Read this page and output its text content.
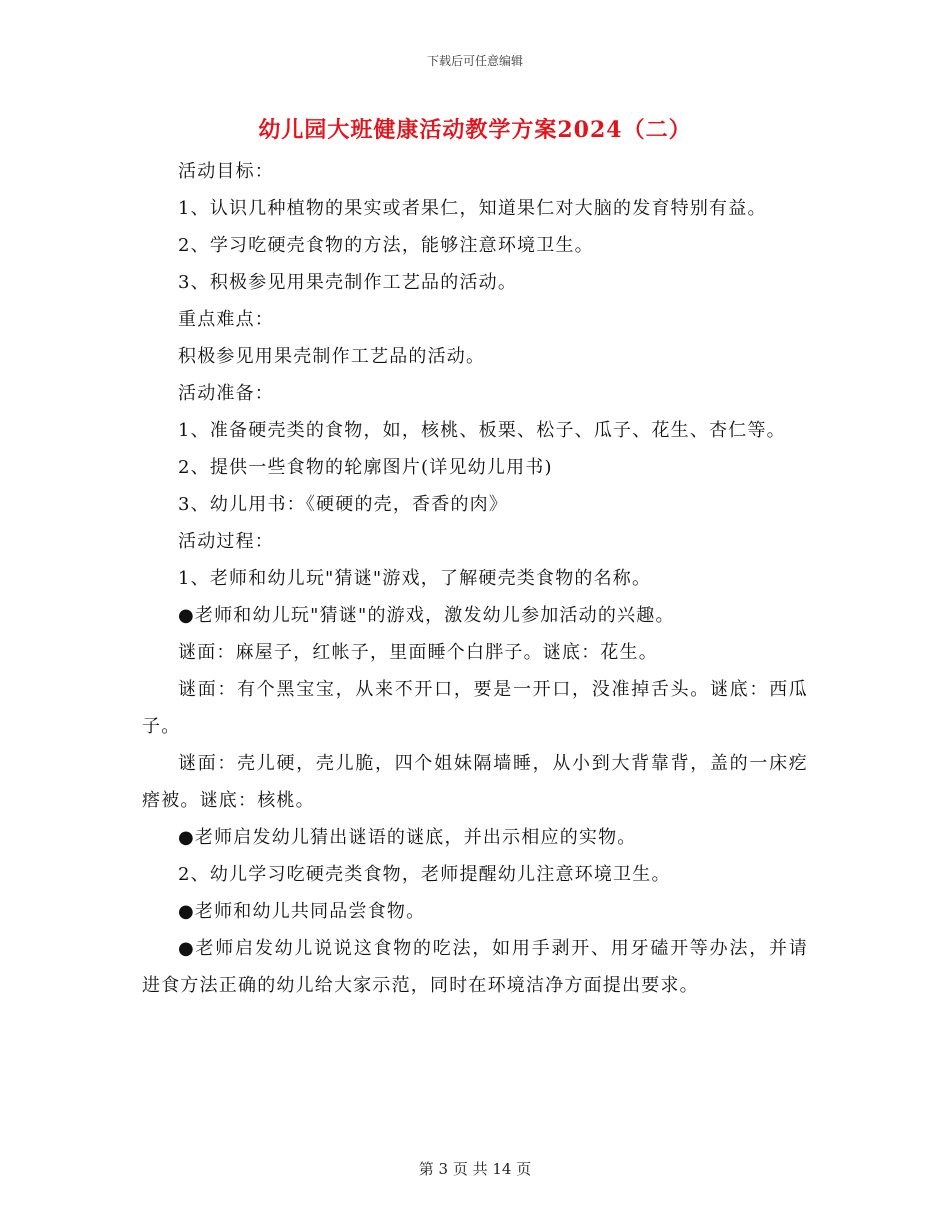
下载后可任意编辑
幼儿园大班健康活动教学方案2024（二）

活动目标：

1、认识几种植物的果实或者果仁，知道果仁对大脑的发育特别有益。

2、学习吃硬壳食物的方法，能够注意环境卫生。

3、积极参见用果壳制作工艺品的活动。

重点难点：

积极参见用果壳制作工艺品的活动。

活动准备：

1、准备硬壳类的食物，如，核桃、板栗、松子、瓜子、花生、杏仁等。

2、提供一些食物的轮廓图片(详见幼儿用书)

3、幼儿用书：《硬硬的壳，香香的肉》

活动过程：

1、老师和幼儿玩"猜谜"游戏，了解硬壳类食物的名称。

●老师和幼儿玩"猜谜"的游戏，激发幼儿参加活动的兴趣。

谜面：麻屋子，红帐子，里面睡个白胖子。谜底：花生。

谜面：有个黑宝宝，从来不开口，要是一开口，没准掉舌头。谜底：西瓜子。

谜面：壳儿硬，壳儿脆，四个姐妹隔墙睡，从小到大背靠背，盖的一床疙瘩被。谜底：核桃。

●老师启发幼儿猜出谜语的谜底，并出示相应的实物。

2、幼儿学习吃硬壳类食物，老师提醒幼儿注意环境卫生。

●老师和幼儿共同品尝食物。

●老师启发幼儿说说这食物的吃法，如用手剥开、用牙磕开等办法，并请进食方法正确的幼儿给大家示范，同时在环境洁净方面提出要求。

第 3 页 共 14 页
